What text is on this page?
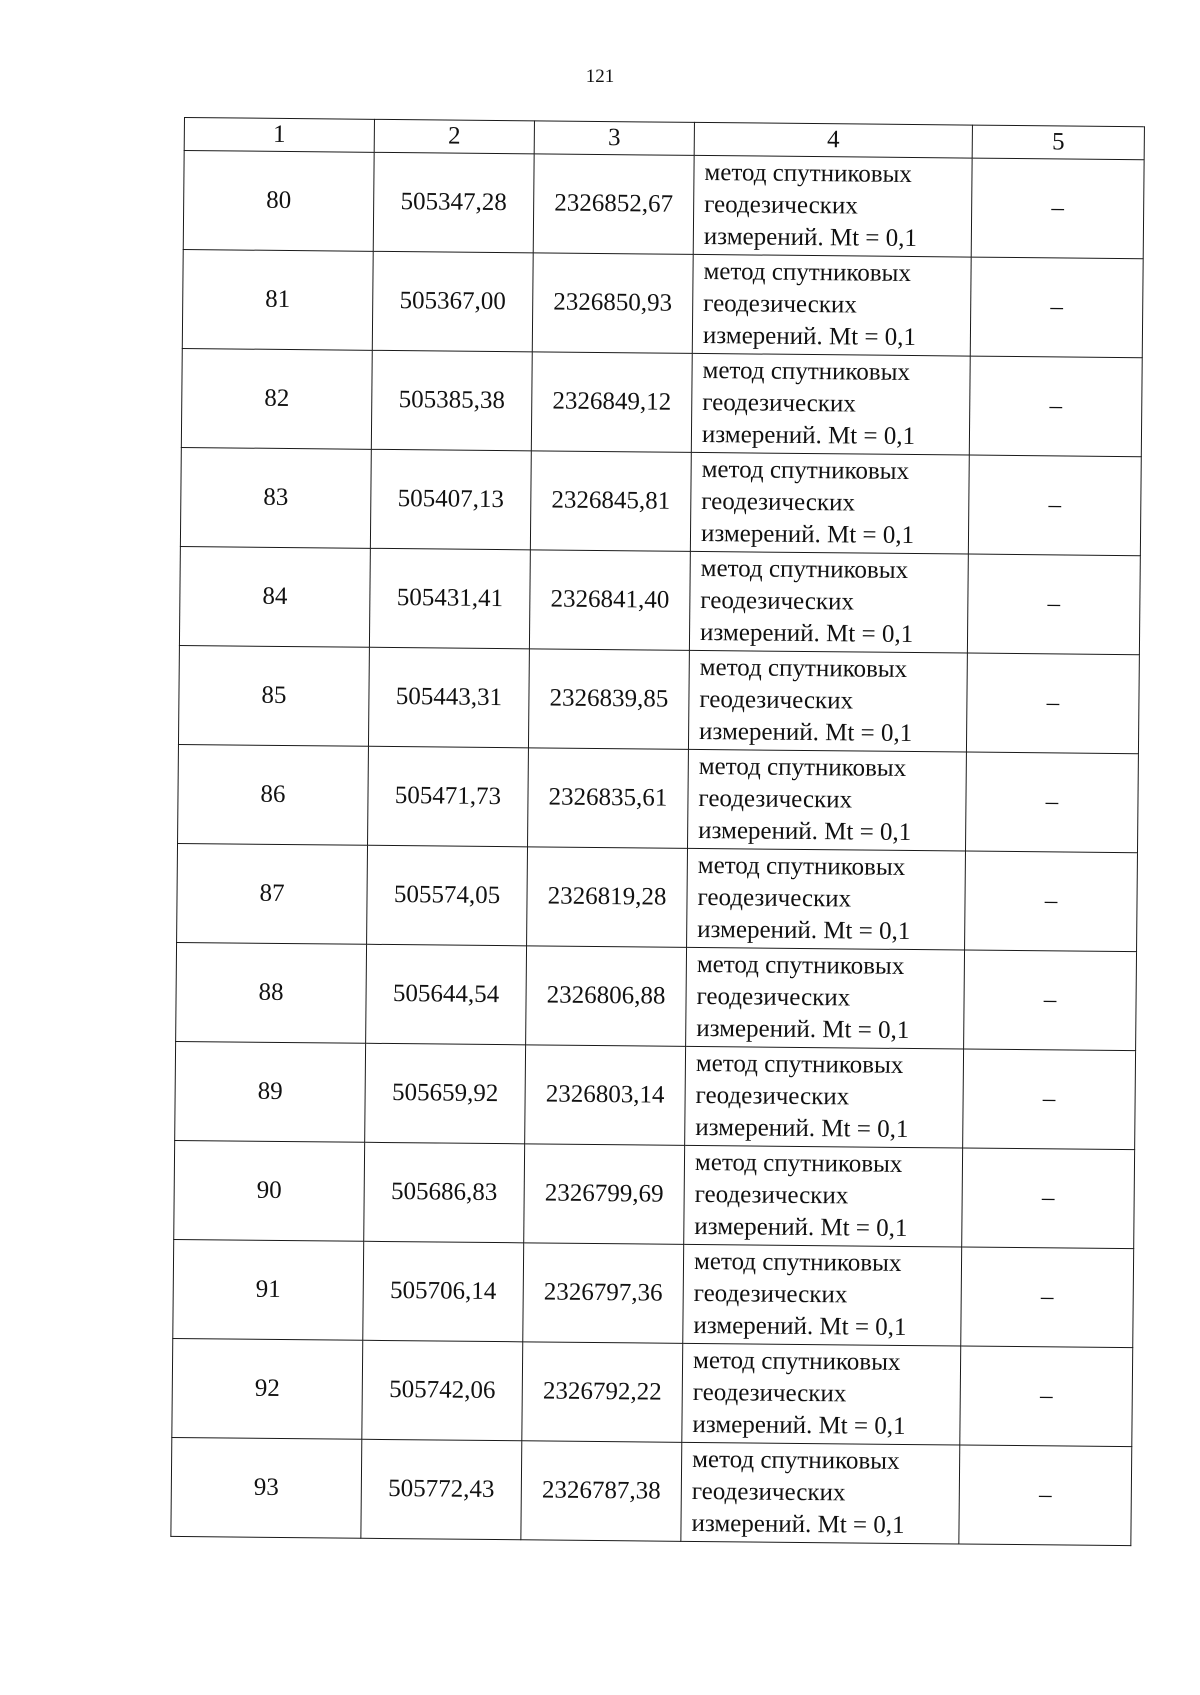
121
1	2	3	4	5
80	505347,28	2326852,67	метод спутниковых
геодезических
измерений. Mt = 0,1	–
81	505367,00	2326850,93	метод спутниковых
геодезических
измерений. Mt = 0,1	–
82	505385,38	2326849,12	метод спутниковых
геодезических
измерений. Mt = 0,1	–
83	505407,13	2326845,81	метод спутниковых
геодезических
измерений. Mt = 0,1	–
84	505431,41	2326841,40	метод спутниковых
геодезических
измерений. Mt = 0,1	–
85	505443,31	2326839,85	метод спутниковых
геодезических
измерений. Mt = 0,1	–
86	505471,73	2326835,61	метод спутниковых
геодезических
измерений. Mt = 0,1	–
87	505574,05	2326819,28	метод спутниковых
геодезических
измерений. Mt = 0,1	–
88	505644,54	2326806,88	метод спутниковых
геодезических
измерений. Mt = 0,1	–
89	505659,92	2326803,14	метод спутниковых
геодезических
измерений. Mt = 0,1	–
90	505686,83	2326799,69	метод спутниковых
геодезических
измерений. Mt = 0,1	–
91	505706,14	2326797,36	метод спутниковых
геодезических
измерений. Mt = 0,1	–
92	505742,06	2326792,22	метод спутниковых
геодезических
измерений. Mt = 0,1	–
93	505772,43	2326787,38	метод спутниковых
геодезических
измерений. Mt = 0,1	–
